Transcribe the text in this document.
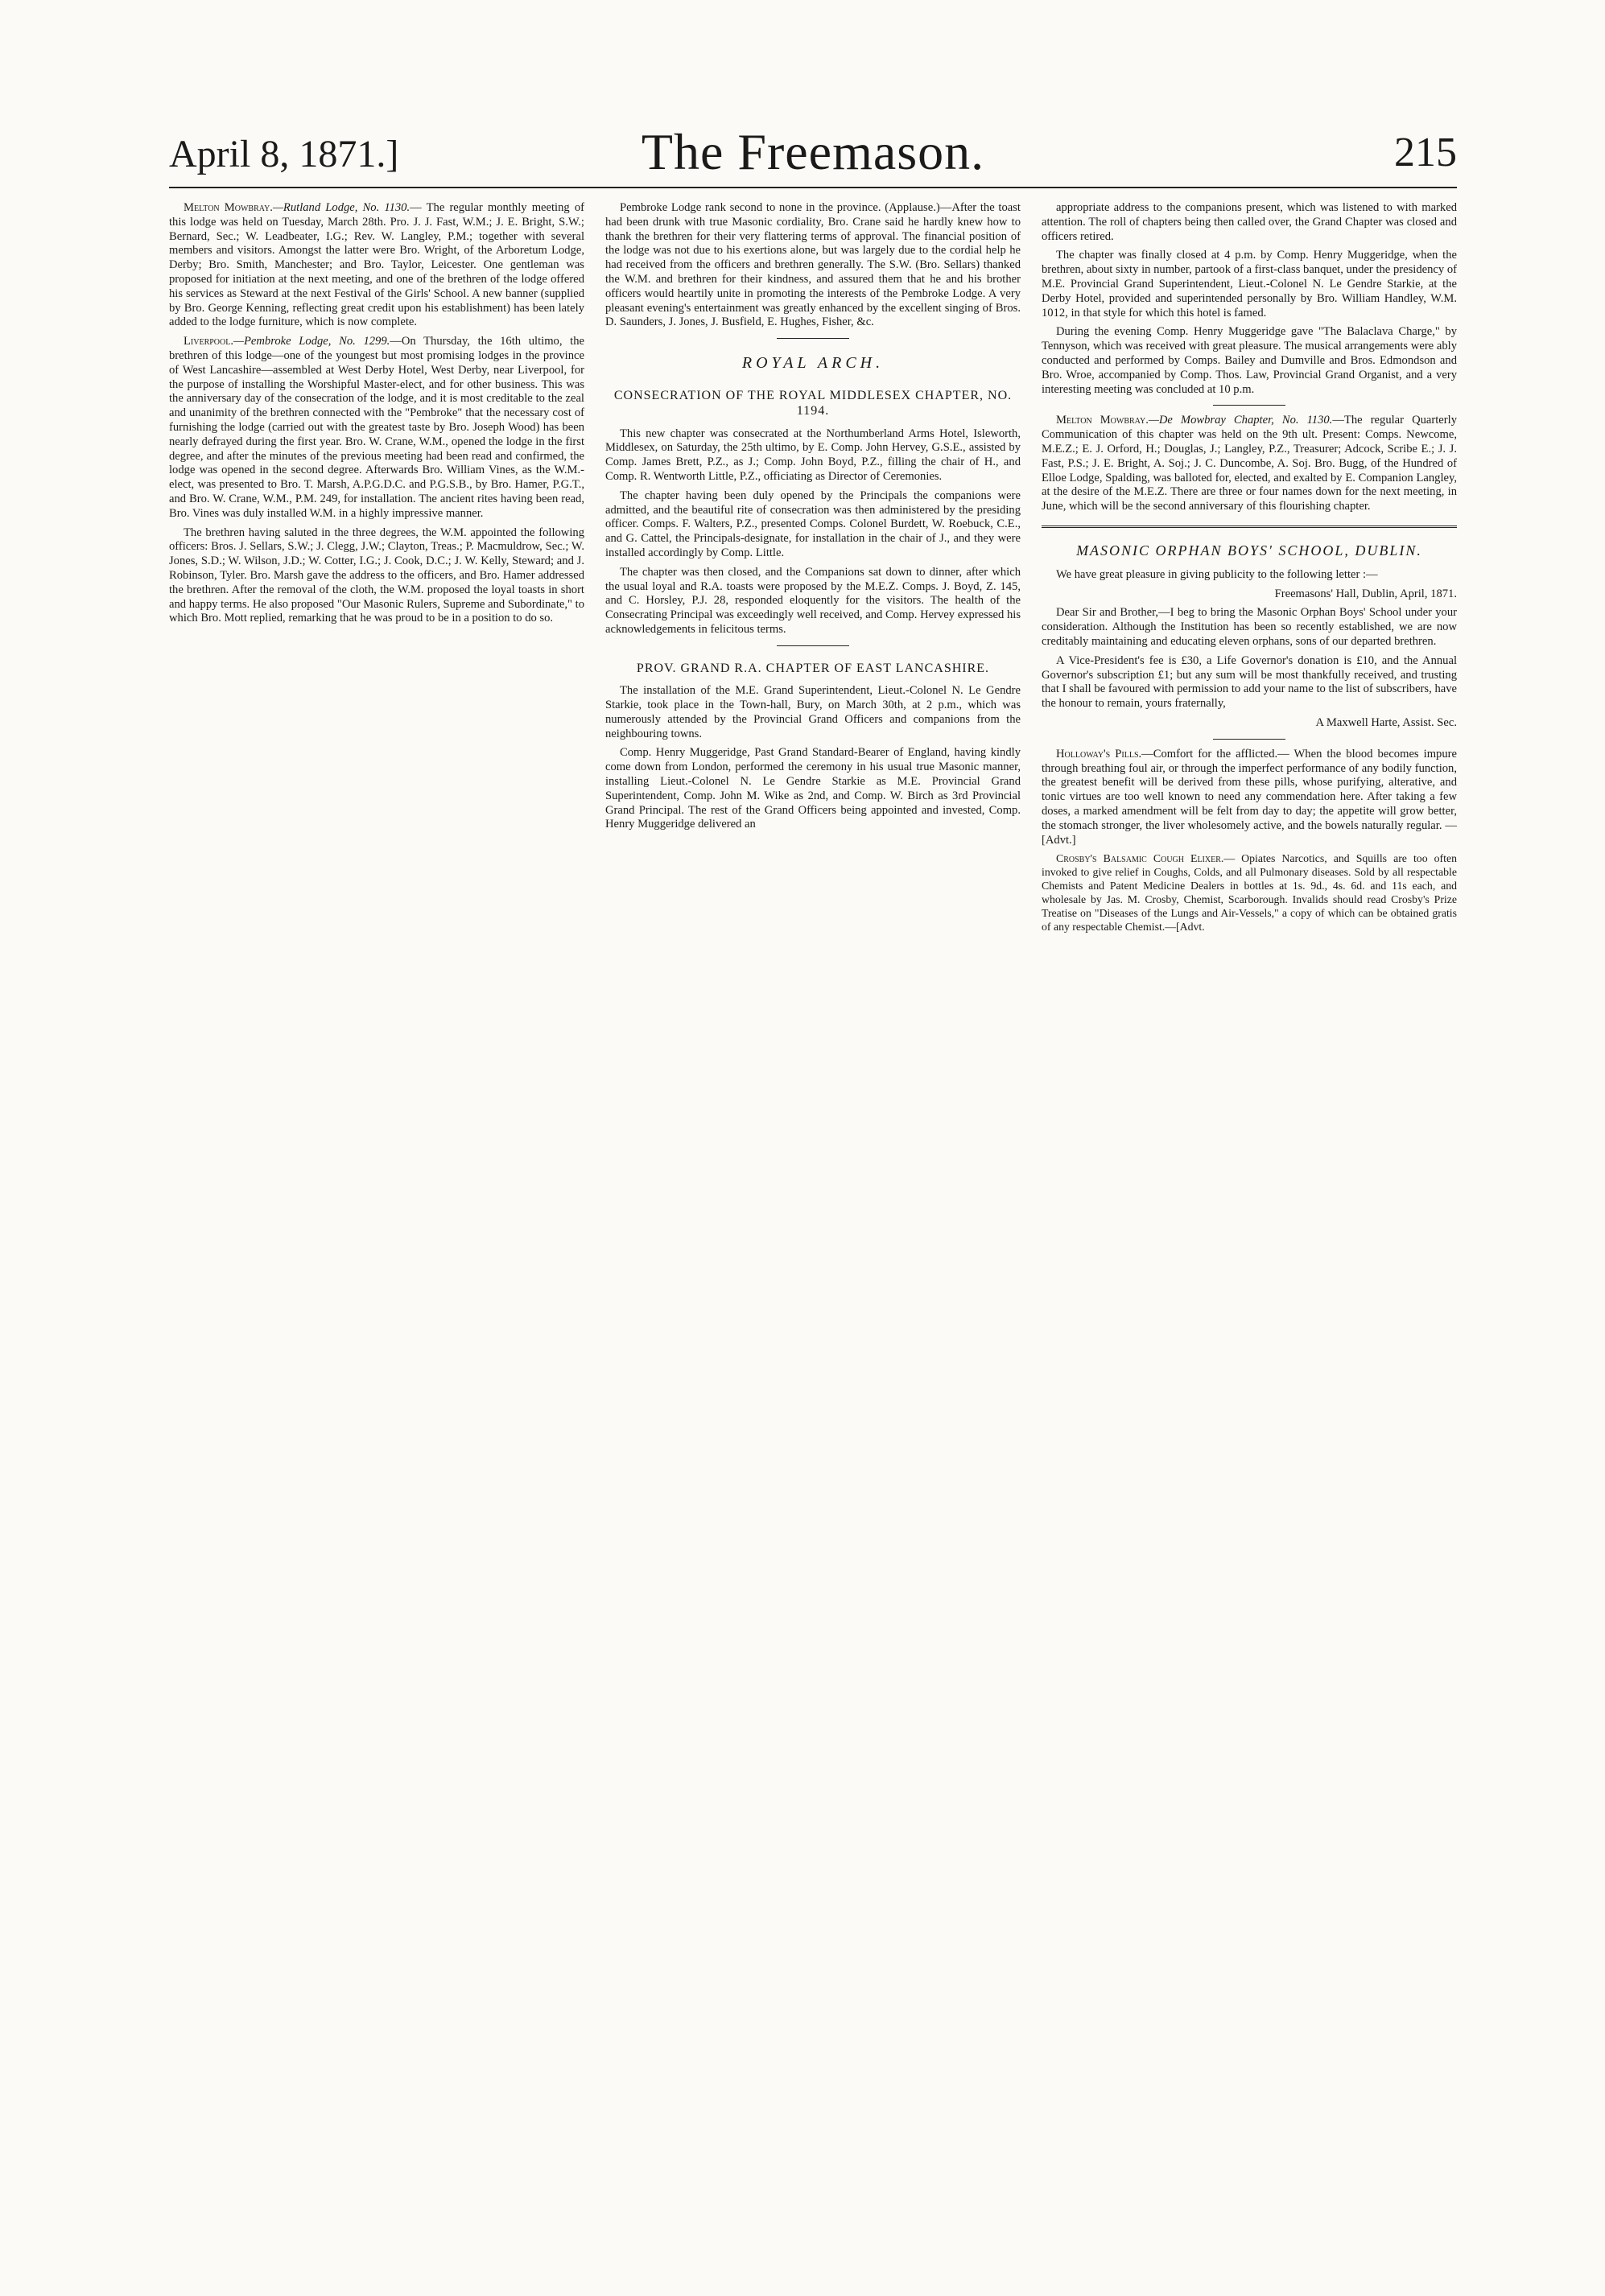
April 8, 1871.]	The Freemason.	215

Melton Mowbray.—Rutland Lodge, No. 1130.— The regular monthly meeting of this lodge was held on Tuesday, March 28th. Pro. J. J. Fast, W.M.; J. E. Bright, S.W.; Bernard, Sec.; W. Leadbeater, I.G.; Rev. W. Langley, P.M.; together with several members and visitors. Amongst the latter were Bro. Wright, of the Arboretum Lodge, Derby; Bro. Smith, Manchester; and Bro. Taylor, Leicester. One gentleman was proposed for initiation at the next meeting, and one of the brethren of the lodge offered his services as Steward at the next Festival of the Girls' School. A new banner (supplied by Bro. George Kenning, reflecting great credit upon his establishment) has been lately added to the lodge furniture, which is now complete.

Liverpool.—Pembroke Lodge, No. 1299.—On Thursday, the 16th ultimo, the brethren of this lodge—one of the youngest but most promising lodges in the province of West Lancashire—assembled at West Derby Hotel, West Derby, near Liverpool, for the purpose of installing the Worshipful Master-elect, and for other business. This was the anniversary day of the consecration of the lodge, and it is most creditable to the zeal and unanimity of the brethren connected with the "Pembroke" that the necessary cost of furnishing the lodge (carried out with the greatest taste by Bro. Joseph Wood) has been nearly defrayed during the first year. Bro. W. Crane, W.M., opened the lodge in the first degree, and after the minutes of the previous meeting had been read and confirmed, the lodge was opened in the second degree. Afterwards Bro. William Vines, as the W.M.-elect, was presented to Bro. T. Marsh, A.P.G.D.C. and P.G.S.B., by Bro. Hamer, P.G.T., and Bro. W. Crane, W.M., P.M. 249, for installation. The ancient rites having been read, Bro. Vines was duly installed W.M. in a highly impressive manner.

The brethren having saluted in the three degrees, the W.M. appointed the following officers: Bros. J. Sellars, S.W.; J. Clegg, J.W.; Clayton, Treas.; P. Macmuldrow, Sec.; W. Jones, S.D.; W. Wilson, J.D.; W. Cotter, I.G.; J. Cook, D.C.; J. W. Kelly, Steward; and J. Robinson, Tyler. Bro. Marsh gave the address to the officers, and Bro. Hamer addressed the brethren. After the removal of the cloth, the W.M. proposed the loyal toasts in short and happy terms. He also proposed "Our Masonic Rulers, Supreme and Subordinate," to which Bro. Mott replied, remarking that he was proud to be in a position to do so.

Pembroke Lodge rank second to none in the province. (Applause.)—After the toast had been drunk with true Masonic cordiality, Bro. Crane said he hardly knew how to thank the brethren for their very flattering terms of approval. The financial position of the lodge was not due to his exertions alone, but was largely due to the cordial help he had received from the officers and brethren generally. The S.W. (Bro. Sellars) thanked the W.M. and brethren for their kindness, and assured them that he and his brother officers would heartily unite in promoting the interests of the Pembroke Lodge. A very pleasant evening's entertainment was greatly enhanced by the excellent singing of Bros. D. Saunders, J. Jones, J. Busfield, E. Hughes, Fisher, &c.

ROYAL ARCH.
CONSECRATION OF THE ROYAL MIDDLESEX CHAPTER, NO. 1194.

This new chapter was consecrated at the Northumberland Arms Hotel, Isleworth, Middlesex, on Saturday, the 25th ultimo, by E. Comp. John Hervey, G.S.E., assisted by Comp. James Brett, P.Z., as J.; Comp. John Boyd, P.Z., filling the chair of H., and Comp. R. Wentworth Little, P.Z., officiating as Director of Ceremonies.

The chapter having been duly opened by the Principals the companions were admitted, and the beautiful rite of consecration was then administered by the presiding officer. Comps. F. Walters, P.Z., presented Comps. Colonel Burdett, W. Roebuck, C.E., and G. Cattel, the Principals-designate, for installation in the chair of J., and they were installed accordingly by Comp. Little.

The chapter was then closed, and the Companions sat down to dinner, after which the usual loyal and R.A. toasts were proposed by the M.E.Z. Comps. J. Boyd, Z. 145, and C. Horsley, P.J. 28, responded eloquently for the visitors. The health of the Consecrating Principal was exceedingly well received, and Comp. Hervey expressed his acknowledgements in felicitous terms.

PROV. GRAND R.A. CHAPTER OF EAST LANCASHIRE.

The installation of the M.E. Grand Superintendent, Lieut.-Colonel N. Le Gendre Starkie, took place in the Town-hall, Bury, on March 30th, at 2 p.m., which was numerously attended by the Provincial Grand Officers and companions from the neighbouring towns.

Comp. Henry Muggeridge, Past Grand Standard-Bearer of England, having kindly come down from London, performed the ceremony in his usual true Masonic manner, installing Lieut.-Colonel N. Le Gendre Starkie as M.E. Provincial Grand Superintendent, Comp. John M. Wike as 2nd, and Comp. W. Birch as 3rd Provincial Grand Principal. The rest of the Grand Officers being appointed and invested, Comp. Henry Muggeridge delivered an

appropriate address to the companions present, which was listened to with marked attention. The roll of chapters being then called over, the Grand Chapter was closed and officers retired.

The chapter was finally closed at 4 p.m. by Comp. Henry Muggeridge, when the brethren, about sixty in number, partook of a first-class banquet, under the presidency of M.E. Provincial Grand Superintendent, Lieut.-Colonel N. Le Gendre Starkie, at the Derby Hotel, provided and superintended personally by Bro. William Handley, W.M. 1012, in that style for which this hotel is famed.

During the evening Comp. Henry Muggeridge gave "The Balaclava Charge," by Tennyson, which was received with great pleasure. The musical arrangements were ably conducted and performed by Comps. Bailey and Dumville and Bros. Edmondson and Bro. Wroe, accompanied by Comp. Thos. Law, Provincial Grand Organist, and a very interesting meeting was concluded at 10 p.m.

Melton Mowbray.—De Mowbray Chapter, No. 1130.—The regular Quarterly Communication of this chapter was held on the 9th ult. Present: Comps. Newcome, M.E.Z.; E. J. Orford, H.; Douglas, J.; Langley, P.Z., Treasurer; Adcock, Scribe E.; J. J. Fast, P.S.; J. E. Bright, A. Soj.; J. C. Duncombe, A. Soj. Bro. Bugg, of the Hundred of Elloe Lodge, Spalding, was balloted for, elected, and exalted by E. Companion Langley, at the desire of the M.E.Z. There are three or four names down for the next meeting, in June, which will be the second anniversary of this flourishing chapter.

MASONIC ORPHAN BOYS' SCHOOL, DUBLIN.

We have great pleasure in giving publicity to the following letter :—

Freemasons' Hall, Dublin, April, 1871.

Dear Sir and Brother,—I beg to bring the Masonic Orphan Boys' School under your consideration. Although the Institution has been so recently established, we are now creditably maintaining and educating eleven orphans, sons of our departed brethren.

A Vice-President's fee is £30, a Life Governor's donation is £10, and the Annual Governor's subscription £1; but any sum will be most thankfully received, and trusting that I shall be favoured with permission to add your name to the list of subscribers, have the honour to remain, yours fraternally,

A Maxwell Harte, Assist. Sec.

Holloway's Pills.—Comfort for the afflicted.— When the blood becomes impure through breathing foul air, or through the imperfect performance of any bodily function, the greatest benefit will be derived from these pills, whose purifying, alterative, and tonic virtues are too well known to need any commendation here. After taking a few doses, a marked amendment will be felt from day to day; the appetite will grow better, the stomach stronger, the liver wholesomely active, and the bowels naturally regular. —[Advt.]

Crosby's Balsamic Cough Elixer.— Opiates Narcotics, and Squills are too often invoked to give relief in Coughs, Colds, and all Pulmonary diseases. Sold by all respectable Chemists and Patent Medicine Dealers in bottles at 1s. 9d., 4s. 6d. and 11s each, and wholesale by Jas. M. Crosby, Chemist, Scarborough. Invalids should read Crosby's Prize Treatise on "Diseases of the Lungs and Air-Vessels," a copy of which can be obtained gratis of any respectable Chemist.—[Advt.
